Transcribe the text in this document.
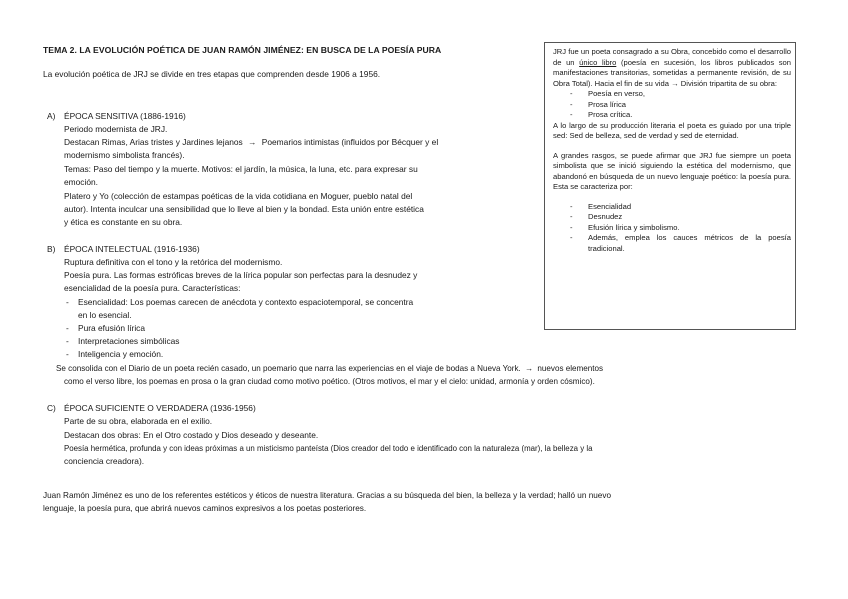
TEMA 2. LA EVOLUCIÓN POÉTICA DE JUAN RAMÓN JIMÉNEZ: EN BUSCA DE LA POESÍA PURA
La evolución poética de JRJ se divide en tres etapas que comprenden desde 1906 a 1956.
A) ÉPOCA SENSITIVA (1886-1916)
Periodo modernista de JRJ.
Destacan Rimas, Arias tristes y Jardines lejanos → Poemarios intimistas (influidos por Bécquer y el
modernismo simbolista francés).
Temas: Paso del tiempo y la muerte. Motivos: el jardín, la música, la luna, etc. para expresar su
emoción.
Platero y Yo (colección de estampas poéticas de la vida cotidiana en Moguer, pueblo natal del
autor). Intenta inculcar una sensibilidad que lo lleve al bien y la bondad. Esta unión entre estética
y ética es constante en su obra.
B) ÉPOCA INTELECTUAL (1916-1936)
Ruptura definitiva con el tono y la retórica del modernismo.
Poesía pura. Las formas estróficas breves de la lírica popular son perfectas para la desnudez y
esencialidad de la poesía pura. Características:
- Esencialidad: Los poemas carecen de anécdota y contexto espaciotemporal, se concentra
en lo esencial.
- Pura efusión lírica
- Interpretaciones simbólicas
- Inteligencia y emoción.
Se consolida con el Diario de un poeta recién casado, un poemario que narra las experiencias en el viaje de bodas a Nueva York. → nuevos elementos
como el verso libre, los poemas en prosa o la gran ciudad como motivo poético. (Otros motivos, el mar y el cielo: unidad, armonía y orden cósmico).
C) ÉPOCA SUFICIENTE O VERDADERA (1936-1956)
Parte de su obra, elaborada en el exilio.
Destacan dos obras: En el Otro costado y Dios deseado y deseante.
Poesía hermética, profunda y con ideas próximas a un misticismo panteísta (Dios creador del todo e identificado con la naturaleza (mar), la belleza y la
conciencia creadora).
Juan Ramón Jiménez es uno de los referentes estéticos y éticos de nuestra literatura. Gracias a su búsqueda del bien, la belleza y la verdad; halló un nuevo
lenguaje, la poesía pura, que abrirá nuevos caminos expresivos a los poetas posteriores.

JRJ fue un poeta consagrado a su Obra, concebido como el desarrollo de un único libro (poesía en sucesión, los libros publicados son manifestaciones transitorias, sometidas a permanente revisión, de su Obra Total). Hacia el fin de su vida → División tripartita de su obra:

- Poesía en verso,
- Prosa lírica
- Prosa crítica.

A lo largo de su producción literaria el poeta es guiado por una triple sed: Sed de belleza, sed de verdad y sed de eternidad.

A grandes rasgos, se puede afirmar que JRJ fue siempre un poeta simbolista que se inició siguiendo la estética del modernismo, que abandonó en búsqueda de un nuevo lenguaje poético: la poesía pura. Esta se caracteriza por:

- Esencialidad
- Desnudez
- Efusión lírica y simbolismo.
- Además, emplea los cauces métricos de la poesía tradicional.
